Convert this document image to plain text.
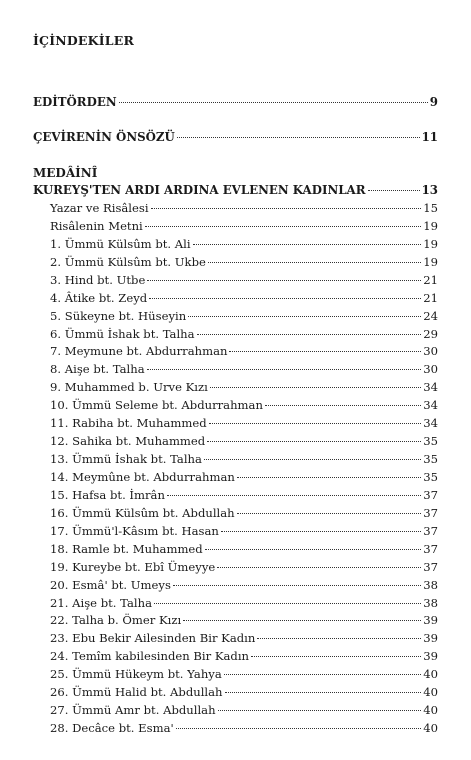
İÇİNDEKİLER
EDİTÖRDEN	9
ÇEVİRENİN ÖNSÖZÜ	11
MEDÂİNÎ
KUREYŞ'TEN ARDI ARDINA EVLENEN KADINLAR	13
Yazar ve Risâlesi	15
Risâlenin Metni	19
1. Ümmü Külsûm bt. Ali	19
2. Ümmü Külsûm bt. Ukbe	19
3. Hind bt. Utbe	21
4. Âtike bt. Zeyd	21
5. Sükeyne bt. Hüseyin	24
6. Ümmü İshak bt. Talha	29
7. Meymune bt. Abdurrahman	30
8. Aişe bt. Talha	30
9. Muhammed b. Urve Kızı	34
10. Ümmü Seleme bt. Abdurrahman	34
11. Rabiha bt. Muhammed	34
12. Sahika bt. Muhammed	35
13. Ümmü İshak bt. Talha	35
14. Meymûne bt. Abdurrahman	35
15. Hafsa bt. İmrân	37
16. Ümmü Külsûm bt. Abdullah	37
17. Ümmü'l-Kâsım bt. Hasan	37
18. Ramle bt. Muhammed	37
19. Kureybe bt. Ebî Ümeyye	37
20. Esmâ' bt. Umeys	38
21. Aişe bt. Talha	38
22. Talha b. Ömer Kızı	39
23. Ebu Bekir Ailesinden Bir Kadın	39
24. Temîm kabilesinden Bir Kadın	39
25. Ümmü Hükeym bt. Yahya	40
26. Ümmü Halid bt. Abdullah	40
27. Ümmü Amr bt. Abdullah	40
28. Decâce bt. Esma'	40
